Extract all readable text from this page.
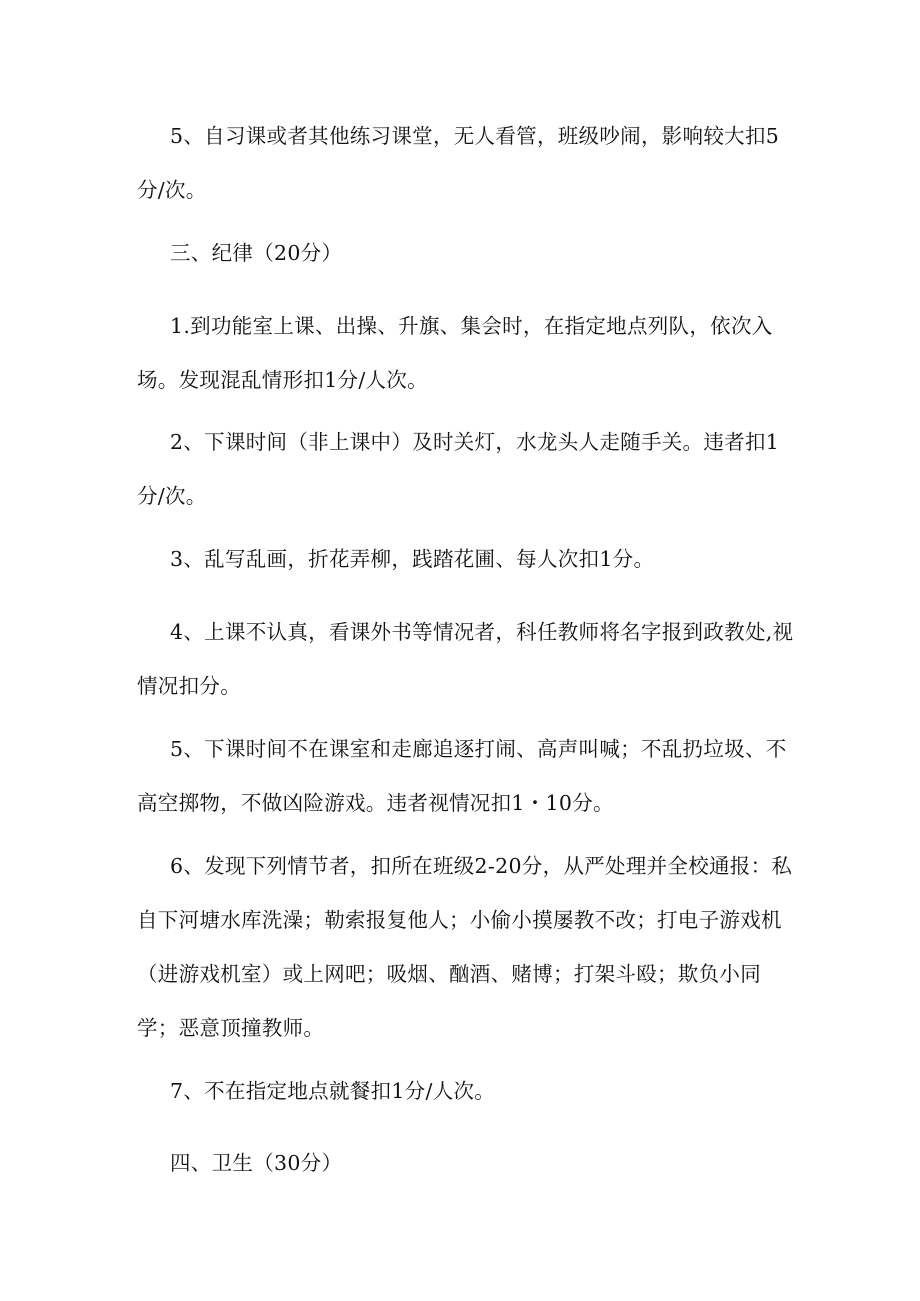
5、自习课或者其他练习课堂，无人看管，班级吵闹，影响较大扣5分/次。

三、纪律（20分）

1.到功能室上课、出操、升旗、集会时，在指定地点列队，依次入场。发现混乱情形扣1分/人次。

2、下课时间（非上课中）及时关灯，水龙头人走随手关。违者扣1分/次。

3、乱写乱画，折花弄柳，践踏花圃、每人次扣1分。

4、上课不认真，看课外书等情况者，科任教师将名字报到政教处,视情况扣分。

5、下课时间不在课室和走廊追逐打闹、高声叫喊；不乱扔垃圾、不高空掷物，不做凶险游戏。违者视情况扣1・10分。

6、发现下列情节者，扣所在班级2-20分，从严处理并全校通报：私自下河塘水库洗澡；勒索报复他人；小偷小摸屡教不改；打电子游戏机（进游戏机室）或上网吧；吸烟、酗酒、赌博；打架斗殴；欺负小同学；恶意顶撞教师。

7、不在指定地点就餐扣1分/人次。

四、卫生（30分）
